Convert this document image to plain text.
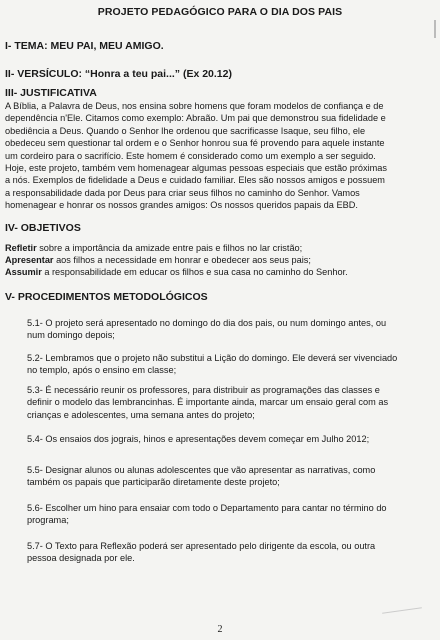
PROJETO PEDAGÓGICO PARA O DIA DOS PAIS
I- TEMA: MEU PAI, MEU AMIGO.
II- VERSÍCULO: “Honra a teu pai...” (Ex 20.12)
III- JUSTIFICATIVA
A Bíblia, a Palavra de Deus, nos ensina sobre homens que foram modelos de confiança e de
dependência n'Ele. Citamos como exemplo: Abraão. Um pai que demonstrou sua fidelidade e
obediência a Deus. Quando o Senhor lhe ordenou que sacrificasse Isaque, seu filho, ele
obedeceu sem questionar tal ordem e o Senhor honrou sua fé provendo para aquele instante
um cordeiro para o sacrifício. Este homem é considerado como um exemplo a ser seguido.
Hoje, este projeto, também vem homenagear algumas pessoas especiais que estão próximas
a nós. Exemplos de fidelidade a Deus e cuidado familiar. Eles são nossos amigos e possuem
a responsabilidade dada por Deus para criar seus filhos no caminho do Senhor. Vamos
homenagear e honrar os nossos grandes amigos: Os nossos queridos papais da EBD.
IV- OBJETIVOS
Refletir sobre a importância da amizade entre pais e filhos no lar cristão;
Apresentar aos filhos a necessidade em honrar e obedecer aos seus pais;
Assumir a responsabilidade em educar os filhos e sua casa no caminho do Senhor.
V- PROCEDIMENTOS METODOLÓGICOS
5.1- O projeto será apresentado no domingo do dia dos pais, ou num domingo antes, ou
num domingo depois;
5.2- Lembramos que o projeto não substitui a Lição do domingo. Ele deverá ser vivenciado
no templo, após o ensino em classe;
5.3- É necessário reunir os professores, para distribuir as programações das classes e
definir o modelo das lembrancinhas. É importante ainda, marcar um ensaio geral com as
crianças e adolescentes, uma semana antes do projeto;
5.4- Os ensaios dos jograis, hinos e apresentações devem começar em Julho 2012;
5.5- Designar alunos ou alunas adolescentes que vão apresentar as narrativas, como
também os papais que participarão diretamente deste projeto;
5.6- Escolher um hino para ensaiar com todo o Departamento para cantar no término do
programa;
5.7- O Texto para Reflexão poderá ser apresentado pelo dirigente da escola, ou outra
pessoa designada por ele.
2
